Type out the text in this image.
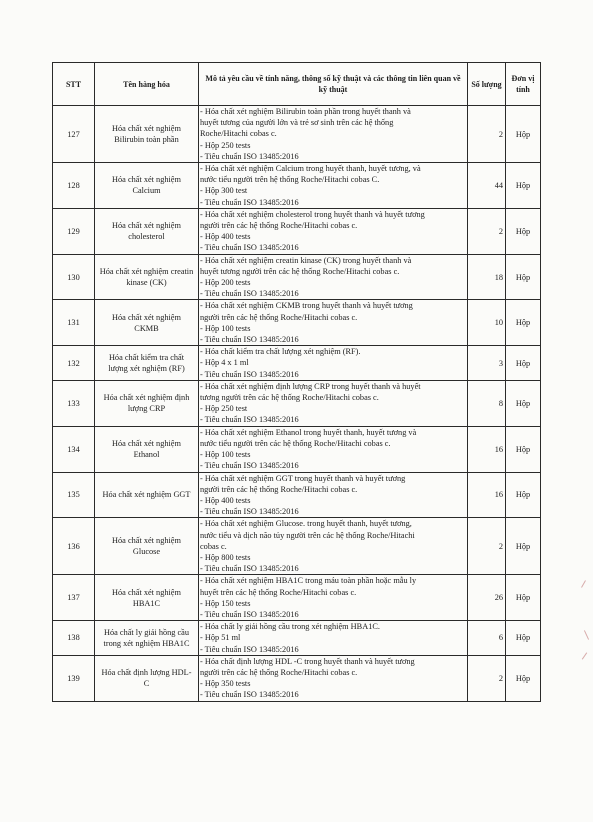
STT	Tên hàng hóa	Mô tả yêu cầu về tính năng, thông số kỹ thuật và các thông tin liên quan về kỹ thuật	Số lượng	Đơn vị tính
127	Hóa chất xét nghiệm Bilirubin toàn phần	- Hóa chất xét nghiệm Bilirubin toàn phần trong huyết thanh và
huyết tương của người lớn và trẻ sơ sinh trên các hệ thống
Roche/Hitachi cobas c.
- Hộp 250 tests
- Tiêu chuẩn ISO 13485:2016	2	Hộp
128	Hóa chất xét nghiệm Calcium	- Hóa chất xét nghiệm Calcium trong huyết thanh, huyết tương, và
nước tiểu người trên hệ thống Roche/Hitachi cobas C.
- Hộp 300 test
- Tiêu chuẩn ISO 13485:2016	44	Hộp
129	Hóa chất xét nghiệm cholesterol	- Hóa chất xét nghiệm cholesterol trong huyết thanh và huyết tương
người trên các hệ thống Roche/Hitachi cobas c.
- Hộp 400 tests
- Tiêu chuẩn ISO 13485:2016	2	Hộp
130	Hóa chất xét nghiệm creatin kinase (CK)	- Hóa chất xét nghiệm creatin kinase (CK) trong huyết thanh và
huyết tương người trên các hệ thống Roche/Hitachi cobas c.
- Hộp 200 tests
- Tiêu chuẩn ISO 13485:2016	18	Hộp
131	Hóa chất xét nghiệm CKMB	- Hóa chất xét nghiệm CKMB trong huyết thanh và huyết tương
người trên các hệ thống Roche/Hitachi cobas c.
- Hộp 100 tests
- Tiêu chuẩn ISO 13485:2016	10	Hộp
132	Hóa chất kiểm tra chất lượng xét nghiệm (RF)	- Hóa chất kiểm tra chất lượng xét nghiệm (RF).
- Hộp 4 x 1 ml
- Tiêu chuẩn ISO 13485:2016	3	Hộp
133	Hóa chất xét nghiệm định lượng CRP	- Hóa chất xét nghiệm định lượng CRP trong huyết thanh và huyết
tương người trên các hệ thống Roche/Hitachi cobas c.
- Hộp 250 test
- Tiêu chuẩn ISO 13485:2016	8	Hộp
134	Hóa chất xét nghiệm Ethanol	- Hóa chất xét nghiệm Ethanol trong huyết thanh, huyết tương và
nước tiểu người trên các hệ thống Roche/Hitachi cobas c.
- Hộp 100 tests
- Tiêu chuẩn ISO 13485:2016	16	Hộp
135	Hóa chất xét nghiệm GGT	- Hóa chất xét nghiệm GGT trong huyết thanh và huyết tương
người trên các hệ thống Roche/Hitachi cobas c.
- Hộp 400 tests
- Tiêu chuẩn ISO 13485:2016	16	Hộp
136	Hóa chất xét nghiệm Glucose	- Hóa chất xét nghiệm Glucose. trong huyết thanh, huyết tương,
nước tiểu và dịch não tủy người trên các hệ thống Roche/Hitachi
cobas c.
- Hộp 800 tests
- Tiêu chuẩn ISO 13485:2016	2	Hộp
137	Hóa chất xét nghiệm HBA1C	- Hóa chất xét nghiệm HBA1C trong máu toàn phần hoặc mẫu ly
huyết trên các hệ thống Roche/Hitachi cobas c.
- Hộp 150 tests
- Tiêu chuẩn ISO 13485:2016	26	Hộp
138	Hóa chất ly giải hồng cầu trong xét nghiệm HBA1C	- Hóa chất ly giải hồng cầu trong xét nghiệm HBA1C.
- Hộp 51 ml
- Tiêu chuẩn ISO 13485:2016	6	Hộp
139	Hóa chất định lượng HDL-C	- Hóa chất định lượng HDL -C trong huyết thanh và huyết tương
người trên các hệ thống Roche/Hitachi cobas c.
- Hộp 350 tests
- Tiêu chuẩn ISO 13485:2016	2	Hộp
